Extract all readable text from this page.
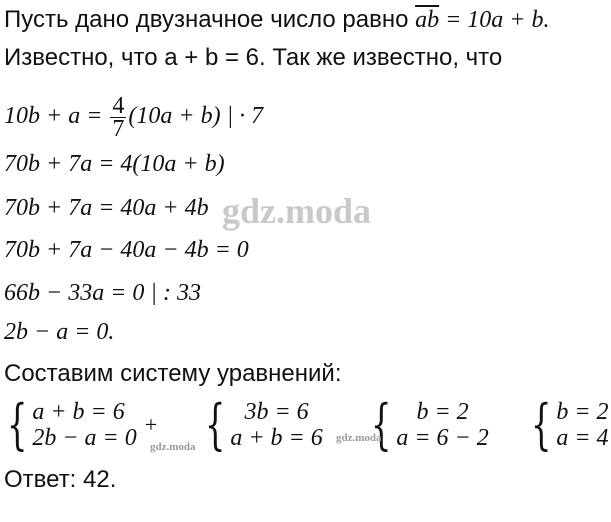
Пусть дано двузначное число равно $\overline{ab} = 10a + b$.
Известно, что a + b = 6. Так же известно, что
$10b + a = \frac{4}{7} (10a + b)$ | · 7
70b + 7a = 4(10a + b)
70b + 7a = 40a + 4b
70b + 7a − 40a − 4b = 0
66b − 33a = 0 | : 33
2b − a = 0.
Составим систему уравнений:
{ a + b = 6
2b − a = 0
+ { 3b = 6
a + b = 6 { b = 2
a = 6 − 2 { b = 2
a = 4
Ответ: 42.
gdz.moda
gdz.moda
gdz.moda
